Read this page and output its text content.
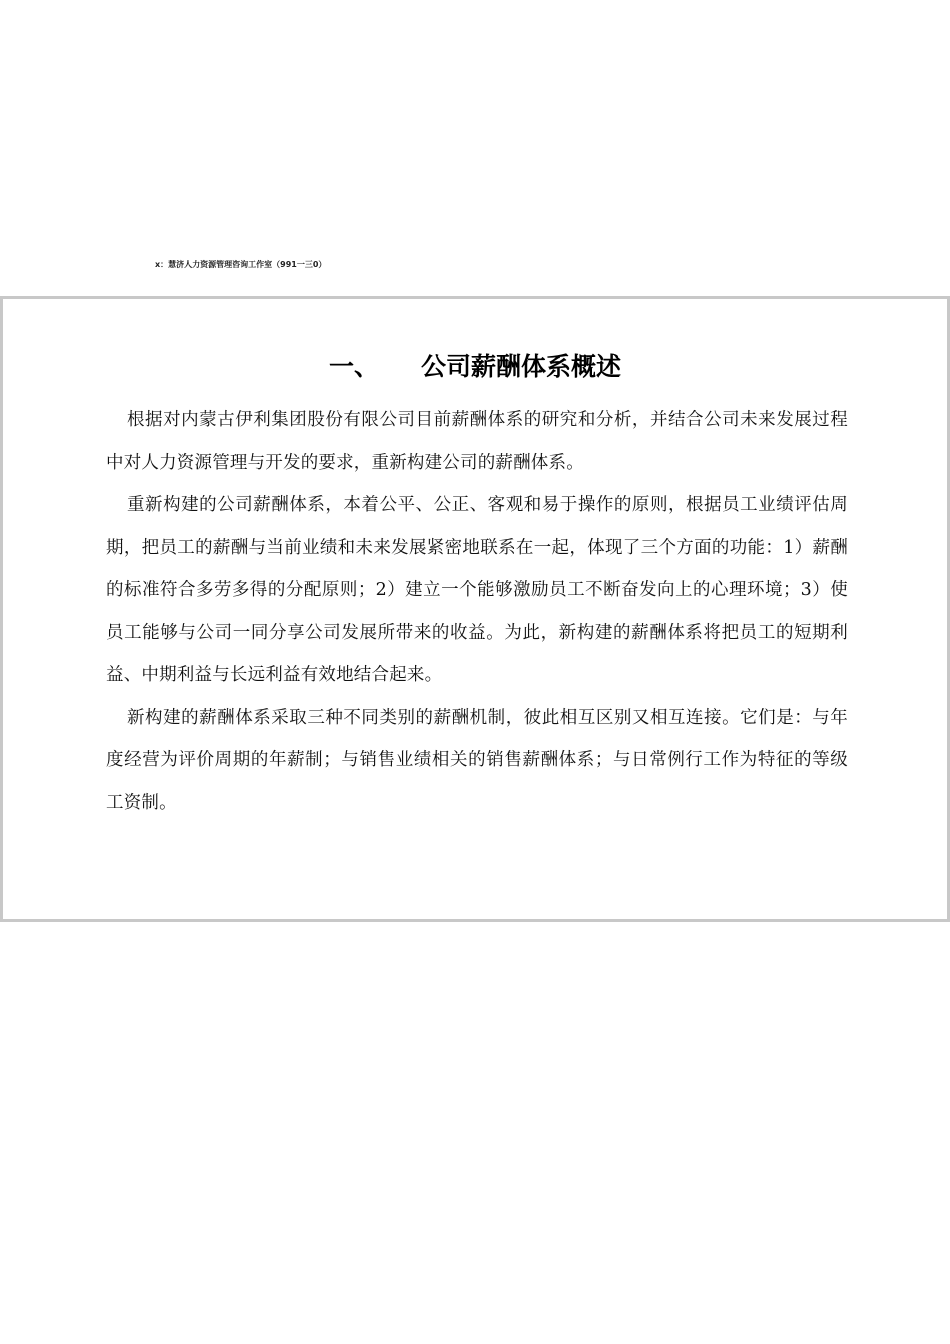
x：慧济人力资源管理咨询工作室（991一三0）
一、 公司薪酬体系概述

根据对内蒙古伊利集团股份有限公司目前薪酬体系的研究和分析，并结合公司未来发展过程中对人力资源管理与开发的要求，重新构建公司的薪酬体系。

重新构建的公司薪酬体系，本着公平、公正、客观和易于操作的原则，根据员工业绩评估周期，把员工的薪酬与当前业绩和未来发展紧密地联系在一起，体现了三个方面的功能：1）薪酬的标准符合多劳多得的分配原则；2）建立一个能够激励员工不断奋发向上的心理环境；3）使员工能够与公司一同分享公司发展所带来的收益。为此，新构建的薪酬体系将把员工的短期利益、中期利益与长远利益有效地结合起来。

新构建的薪酬体系采取三种不同类别的薪酬机制，彼此相互区别又相互连接。它们是：与年度经营为评价周期的年薪制；与销售业绩相关的销售薪酬体系；与日常例行工作为特征的等级工资制。
